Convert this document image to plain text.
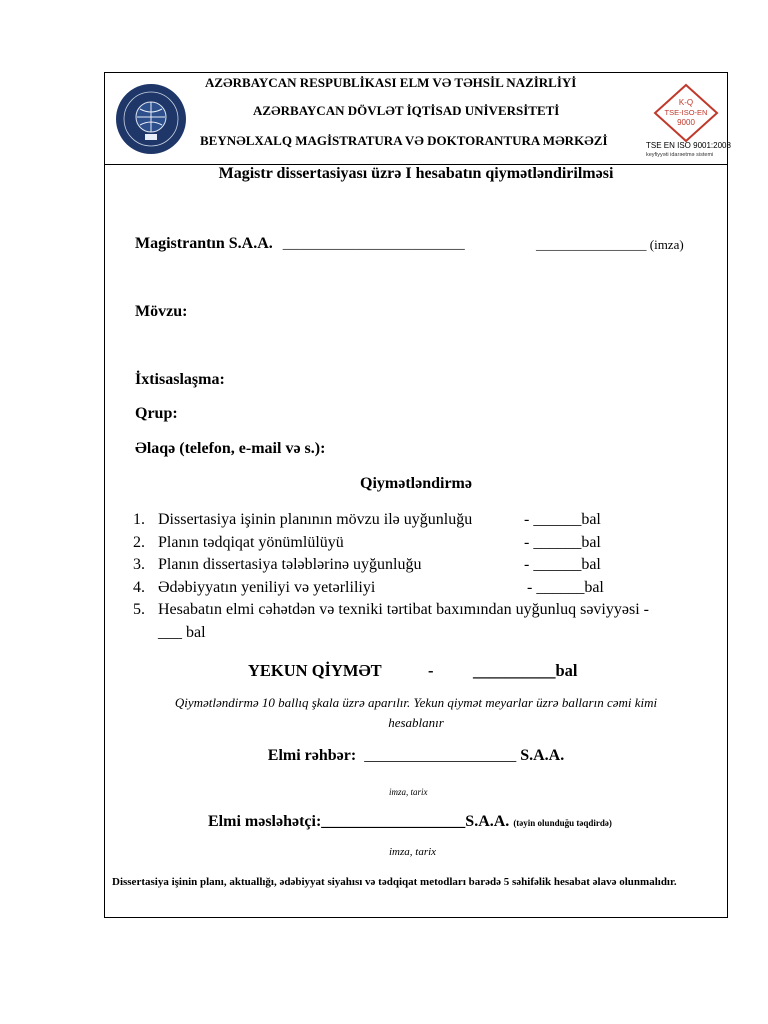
AZƏRBAYCAN RESPUBLİKASI ELM VƏ TƏHSİL NAZİRLİYİ
AZƏRBAYCAN DÖVLƏT İQTİSAD UNİVERSİTETİ
BEYNƏLXALQ MAGİSTRATURA VƏ DOKTORANTURA MƏRKƏZİ
K-Q
TSE-ISO-EN
9000
TSE EN ISO 9001:2008
keyfiyyəti idarəetmə sistemi
Magistr dissertasiyası üzrə I hesabatın qiymətləndirilməsi
Magistrantın S.A.A. __________________________	_________________ (imza)
Mövzu:
İxtisaslaşma:
Qrup:
Əlaqə (telefon, e-mail və s.):
Qiymətləndirmə
1. Dissertasiya işinin planının mövzu ilə uyğunluğu	- ______bal
2. Planın tədqiqat yönümlülüyü	- ______bal
3. Planın dissertasiya tələblərinə uyğunluğu	- ______bal
4. Ədəbiyyatın yeniliyi və yetərliliyi	- ______bal
5. Hesabatın elmi cəhətdən və texniki tərtibat baxımından uyğunluq səviyyəsi -
___ bal
YEKUN QİYMƏT	- __________bal
Qiymətləndirmə 10 ballıq şkala üzrə aparılır. Yekun qiymət meyarlar üzrə balların cəmi kimi
hesablanır
Elmi rəhbər: ___________________ S.A.A.
imza, tarix
Elmi məsləhətçi:__________________S.A.A. (təyin olunduğu təqdirdə)
imza, tarix
Dissertasiya işinin planı, aktuallığı, ədəbiyyat siyahısı və tədqiqat metodları barədə 5 səhifəlik hesabat əlavə olunmalıdır.
